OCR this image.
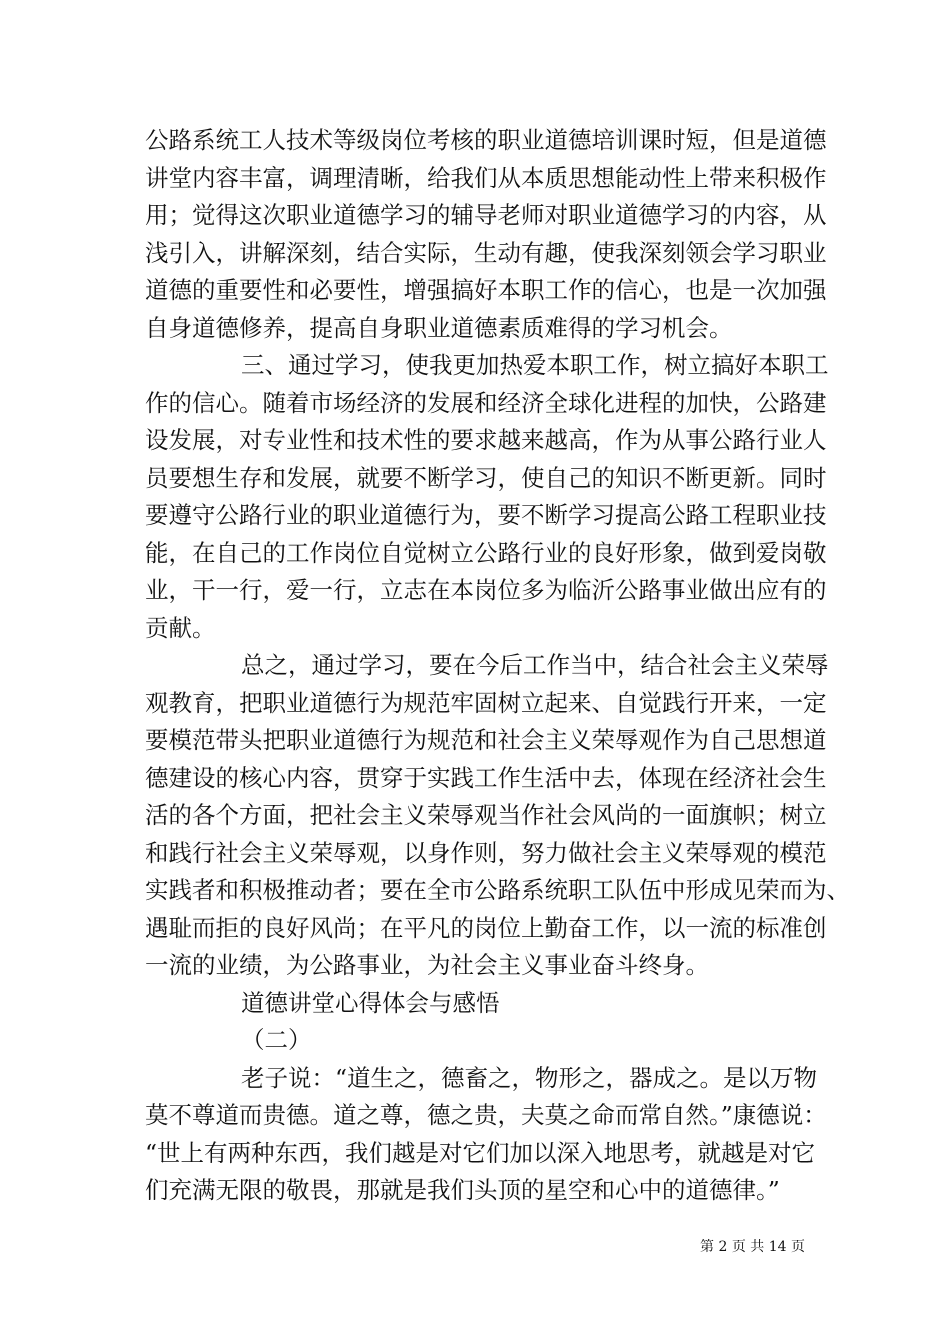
公路系统工人技术等级岗位考核的职业道德培训课时短，但是道德
讲堂内容丰富，调理清晰，给我们从本质思想能动性上带来积极作
用；觉得这次职业道德学习的辅导老师对职业道德学习的内容，从
浅引入，讲解深刻，结合实际，生动有趣，使我深刻领会学习职业
道德的重要性和必要性，增强搞好本职工作的信心，也是一次加强
自身道德修养，提高自身职业道德素质难得的学习机会。
三、通过学习，使我更加热爱本职工作，树立搞好本职工
作的信心。随着市场经济的发展和经济全球化进程的加快，公路建
设发展，对专业性和技术性的要求越来越高，作为从事公路行业人
员要想生存和发展，就要不断学习，使自己的知识不断更新。同时
要遵守公路行业的职业道德行为，要不断学习提高公路工程职业技
能，在自己的工作岗位自觉树立公路行业的良好形象，做到爱岗敬
业，干一行，爱一行，立志在本岗位多为临沂公路事业做出应有的
贡献。
总之，通过学习，要在今后工作当中，结合社会主义荣辱
观教育，把职业道德行为规范牢固树立起来、自觉践行开来，一定
要模范带头把职业道德行为规范和社会主义荣辱观作为自己思想道
德建设的核心内容，贯穿于实践工作生活中去，体现在经济社会生
活的各个方面，把社会主义荣辱观当作社会风尚的一面旗帜；树立
和践行社会主义荣辱观，以身作则，努力做社会主义荣辱观的模范
实践者和积极推动者；要在全市公路系统职工队伍中形成见荣而为、
遇耻而拒的良好风尚；在平凡的岗位上勤奋工作，以一流的标准创
一流的业绩，为公路事业，为社会主义事业奋斗终身。
道德讲堂心得体会与感悟
（二）
老子说：“道生之，德畜之，物形之，器成之。是以万物
莫不尊道而贵德。道之尊，德之贵，夫莫之命而常自然。”康德说：
“世上有两种东西，我们越是对它们加以深入地思考，就越是对它
们充满无限的敬畏，那就是我们头顶的星空和心中的道德律。”

第 2 页 共 14 页
